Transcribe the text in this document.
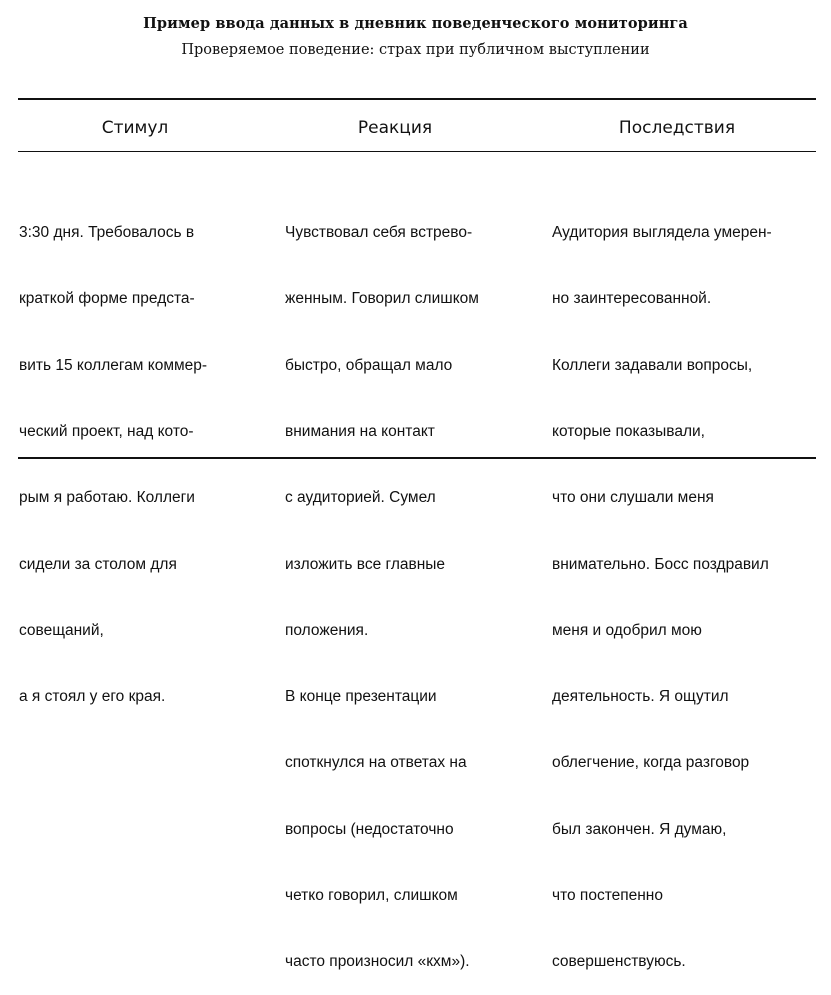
Пример ввода данных в дневник поведенческого мониторинга
Проверяемое поведение: страх при публичном выступлении
Стимул	Реакция	Последствия

3:30 дня. Требовалось в

краткой форме предста-

вить 15 коллегам коммер-

ческий проект, над кото-

рым я работаю. Коллеги

сидели за столом для

совещаний,

а я стоял у его края.

Чувствовал себя встрево-

женным. Говорил слишком

быстро, обращал мало

внимания на контакт

с аудиторией. Сумел

изложить все главные

положения.

В конце презентации

споткнулся на ответах на

вопросы (недостаточно

четко говорил, слишком

часто произносил «кхм»).

Аудитория выглядела умерен-

но заинтересованной.

Коллеги задавали вопросы,

которые показывали,

что они слушали меня

внимательно. Босс поздравил

меня и одобрил мою

деятельность. Я ощутил

облегчение, когда разговор

был закончен. Я думаю,

что постепенно

совершенствуюсь.
